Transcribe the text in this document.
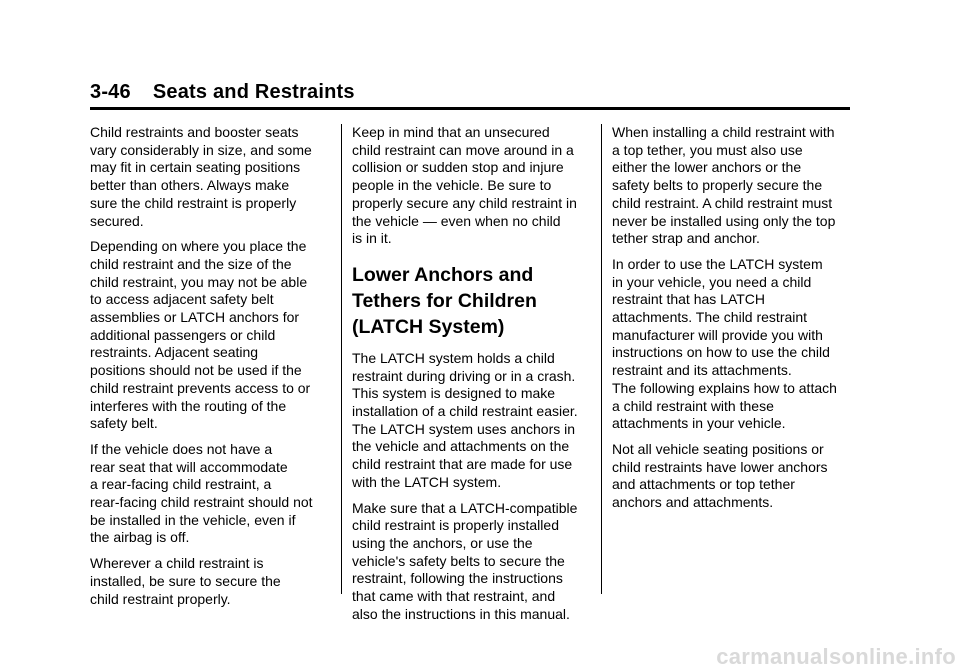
3-46 Seats and Restraints
Child restraints and booster seats
vary considerably in size, and some
may fit in certain seating positions
better than others. Always make
sure the child restraint is properly
secured.
Depending on where you place the
child restraint and the size of the
child restraint, you may not be able
to access adjacent safety belt
assemblies or LATCH anchors for
additional passengers or child
restraints. Adjacent seating
positions should not be used if the
child restraint prevents access to or
interferes with the routing of the
safety belt.
If the vehicle does not have a
rear seat that will accommodate
a rear-facing child restraint, a
rear-facing child restraint should not
be installed in the vehicle, even if
the airbag is off.
Wherever a child restraint is
installed, be sure to secure the
child restraint properly.
Keep in mind that an unsecured
child restraint can move around in a
collision or sudden stop and injure
people in the vehicle. Be sure to
properly secure any child restraint in
the vehicle — even when no child
is in it.
Lower Anchors and
Tethers for Children
(LATCH System)
The LATCH system holds a child
restraint during driving or in a crash.
This system is designed to make
installation of a child restraint easier.
The LATCH system uses anchors in
the vehicle and attachments on the
child restraint that are made for use
with the LATCH system.
Make sure that a LATCH-compatible
child restraint is properly installed
using the anchors, or use the
vehicle's safety belts to secure the
restraint, following the instructions
that came with that restraint, and
also the instructions in this manual.
When installing a child restraint with
a top tether, you must also use
either the lower anchors or the
safety belts to properly secure the
child restraint. A child restraint must
never be installed using only the top
tether strap and anchor.
In order to use the LATCH system
in your vehicle, you need a child
restraint that has LATCH
attachments. The child restraint
manufacturer will provide you with
instructions on how to use the child
restraint and its attachments.
The following explains how to attach
a child restraint with these
attachments in your vehicle.
Not all vehicle seating positions or
child restraints have lower anchors
and attachments or top tether
anchors and attachments.
carmanualsonline.info
